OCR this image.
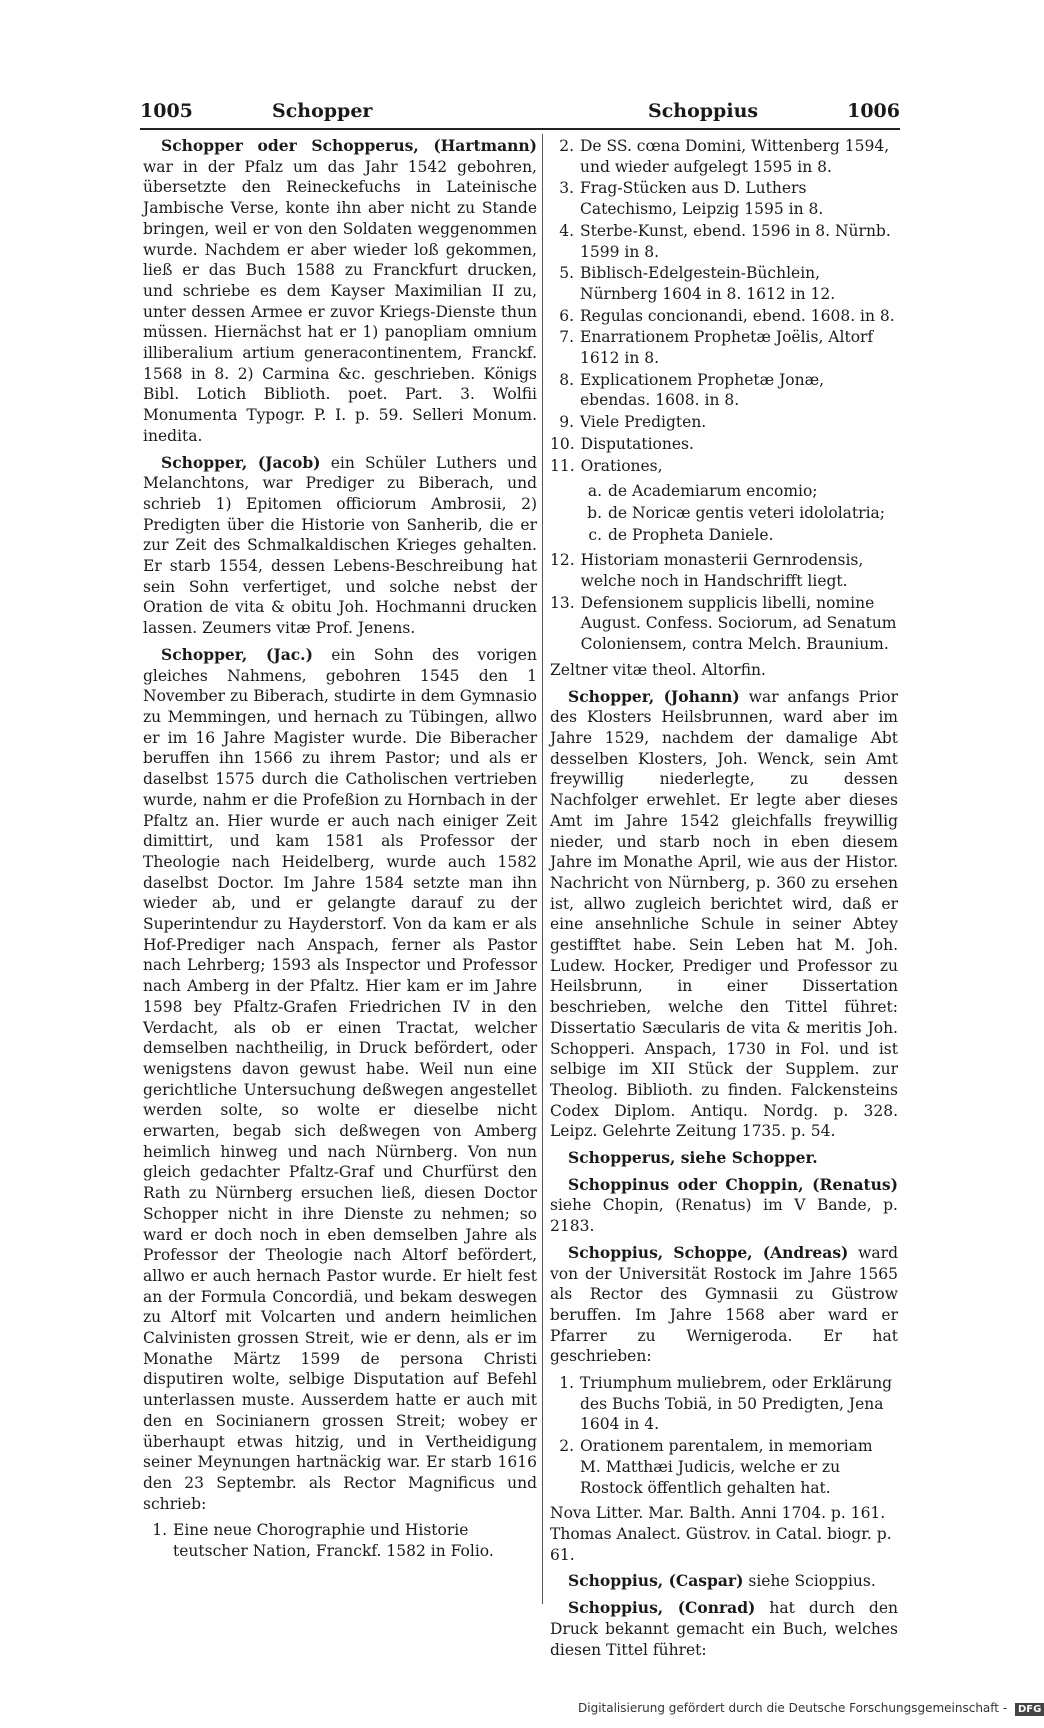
1005	Schopper	Schoppius	1006

Schopper oder Schopperus, (Hartmann) war in der Pfalz um das Jahr 1542 gebohren, übersetzte den Reineckefuchs in Lateinische Jambische Verse, konte ihn aber nicht zu Stande bringen, weil er von den Soldaten weggenommen wurde. Nachdem er aber wieder loß gekommen, ließ er das Buch 1588 zu Franckfurt drucken, und schriebe es dem Kayser Maximilian II zu, unter dessen Armee er zuvor Kriegs-Dienste thun müssen. Hiernächst hat er 1) panopliam omnium illiberalium artium generacontinentem, Franckf. 1568 in 8. 2) Carmina &c. geschrieben. Königs Bibl. Lotich Biblioth. poet. Part. 3. Wolfii Monumenta Typogr. P. I. p. 59. Selleri Monum. inedita.

Schopper, (Jacob) ein Schüler Luthers und Melanchtons, war Prediger zu Biberach, und schrieb 1) Epitomen officiorum Ambrosii, 2) Predigten über die Historie von Sanherib, die er zur Zeit des Schmalkaldischen Krieges gehalten. Er starb 1554, dessen Lebens-Beschreibung hat sein Sohn verfertiget, und solche nebst der Oration de vita & obitu Joh. Hochmanni drucken lassen. Zeumers vitæ Prof. Jenens.

Schopper, (Jac.) ein Sohn des vorigen gleiches Nahmens, gebohren 1545 den 1 November zu Biberach, studirte in dem Gymnasio zu Memmingen, und hernach zu Tübingen, allwo er im 16 Jahre Magister wurde. Die Biberacher beruffen ihn 1566 zu ihrem Pastor; und als er daselbst 1575 durch die Catholischen vertrieben wurde, nahm er die Profeßion zu Hornbach in der Pfaltz an. Hier wurde er auch nach einiger Zeit dimittirt, und kam 1581 als Professor der Theologie nach Heidelberg, wurde auch 1582 daselbst Doctor. Im Jahre 1584 setzte man ihn wieder ab, und er gelangte darauf zu der Superintendur zu Hayderstorf. Von da kam er als Hof-Prediger nach Anspach, ferner als Pastor nach Lehrberg; 1593 als Inspector und Professor nach Amberg in der Pfaltz. Hier kam er im Jahre 1598 bey Pfaltz-Grafen Friedrichen IV in den Verdacht, als ob er einen Tractat, welcher demselben nachtheilig, in Druck befördert, oder wenigstens davon gewust habe. Weil nun eine gerichtliche Untersuchung deßwegen angestellet werden solte, so wolte er dieselbe nicht erwarten, begab sich deßwegen von Amberg heimlich hinweg und nach Nürnberg. Von nun gleich gedachter Pfaltz-Graf und Churfürst den Rath zu Nürnberg ersuchen ließ, diesen Doctor Schopper nicht in ihre Dienste zu nehmen; so ward er doch noch in eben demselben Jahre als Professor der Theologie nach Altorf befördert, allwo er auch hernach Pastor wurde. Er hielt fest an der Formula Concordiä, und bekam deswegen zu Altorf mit Volcarten und andern heimlichen Calvinisten grossen Streit, wie er denn, als er im Monathe Märtz 1599 de persona Christi disputiren wolte, selbige Disputation auf Befehl unterlassen muste. Ausserdem hatte er auch mit den en Socinianern grossen Streit; wobey er überhaupt etwas hitzig, und in Vertheidigung seiner Meynungen hartnäckig war. Er starb 1616 den 23 Septembr. als Rector Magnificus und schrieb:

1. Eine neue Chorographie und Historie teutscher Nation, Franckf. 1582 in Folio.
2. De SS. cœna Domini, Wittenberg 1594, und wieder aufgelegt 1595 in 8.
3. Frag-Stücken aus D. Luthers Catechismo, Leipzig 1595 in 8.
4. Sterbe-Kunst, ebend. 1596 in 8. Nürnb. 1599 in 8.
5. Biblisch-Edelgestein-Büchlein, Nürnberg 1604 in 8. 1612 in 12.
6. Regulas concionandi, ebend. 1608. in 8.
7. Enarrationem Prophetæ Joëlis, Altorf 1612 in 8.
8. Explicationem Prophetæ Jonæ, ebendas. 1608. in 8.
9. Viele Predigten.
10. Disputationes.
11. Orationes,
a. de Academiarum encomio;
b. de Noricæ gentis veteri idololatria;
c. de Propheta Daniele.
12. Historiam monasterii Gernrodensis, welche noch in Handschrifft liegt.
13. Defensionem supplicis libelli, nomine August. Confess. Sociorum, ad Senatum Coloniensem, contra Melch. Braunium.

Zeltner vitæ theol. Altorfin.

Schopper, (Johann) war anfangs Prior des Klosters Heilsbrunnen, ward aber im Jahre 1529, nachdem der damalige Abt desselben Klosters, Joh. Wenck, sein Amt freywillig niederlegte, zu dessen Nachfolger erwehlet. Er legte aber dieses Amt im Jahre 1542 gleichfalls freywillig nieder, und starb noch in eben diesem Jahre im Monathe April, wie aus der Histor. Nachricht von Nürnberg, p. 360 zu ersehen ist, allwo zugleich berichtet wird, daß er eine ansehnliche Schule in seiner Abtey gestifftet habe. Sein Leben hat M. Joh. Ludew. Hocker, Prediger und Professor zu Heilsbrunn, in einer Dissertation beschrieben, welche den Tittel führet: Dissertatio Sæcularis de vita & meritis Joh. Schopperi. Anspach, 1730 in Fol. und ist selbige im XII Stück der Supplem. zur Theolog. Biblioth. zu finden. Falckensteins Codex Diplom. Antiqu. Nordg. p. 328. Leipz. Gelehrte Zeitung 1735. p. 54.

Schopperus, siehe Schopper.

Schoppinus oder Choppin, (Renatus) siehe Chopin, (Renatus) im V Bande, p. 2183.

Schoppius, Schoppe, (Andreas) ward von der Universität Rostock im Jahre 1565 als Rector des Gymnasii zu Güstrow beruffen. Im Jahre 1568 aber ward er Pfarrer zu Wernigeroda. Er hat geschrieben:

1. Triumphum muliebrem, oder Erklärung des Buchs Tobiä, in 50 Predigten, Jena 1604 in 4.
2. Orationem parentalem, in memoriam M. Matthæi Judicis, welche er zu Rostock öffentlich gehalten hat.

Nova Litter. Mar. Balth. Anni 1704. p. 161. Thomas Analect. Güstrov. in Catal. biogr. p. 61.

Schoppius, (Caspar) siehe Scioppius.

Schoppius, (Conrad) hat durch den Druck bekannt gemacht ein Buch, welches diesen Tittel führet:

Digitalisierung gefördert durch die Deutsche Forschungsgemeinschaft - DFG
